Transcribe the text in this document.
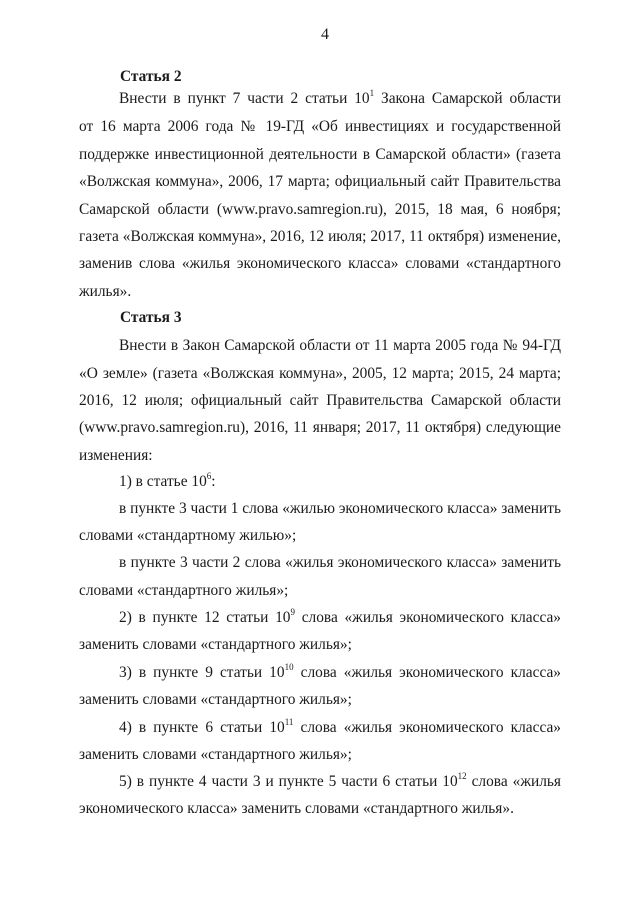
4
Статья 2
Внести в пункт 7 части 2 статьи $10^1$ Закона Самарской области
от 16 марта 2006 года № 19-ГД «Об инвестициях и государственной
поддержке инвестиционной деятельности в Самарской области» (газета
«Волжская коммуна», 2006, 17 марта; официальный сайт Правительства
Самарской области (www.pravo.samregion.ru), 2015, 18 мая, 6 ноября;
газета «Волжская коммуна», 2016, 12 июля; 2017, 11 октября) изменение,
заменив слова «жилья экономического класса» словами «стандартного
жилья».
Статья 3
Внести в Закон Самарской области от 11 марта 2005 года № 94-ГД
«О земле» (газета «Волжская коммуна», 2005, 12 марта; 2015, 24 марта;
2016, 12 июля; официальный сайт Правительства Самарской области
(www.pravo.samregion.ru), 2016, 11 января; 2017, 11 октября) следующие
изменения:
1) в статье $10^6$:
в пункте 3 части 1 слова «жилью экономического класса» заменить
словами «стандартному жилью»;
в пункте 3 части 2 слова «жилья экономического класса» заменить
словами «стандартного жилья»;
2) в пункте 12 статьи $10^9$ слова «жилья экономического класса»
заменить словами «стандартного жилья»;
3) в пункте 9 статьи $10^{10}$ слова «жилья экономического класса»
заменить словами «стандартного жилья»;
4) в пункте 6 статьи $10^{11}$ слова «жилья экономического класса»
заменить словами «стандартного жилья»;
5) в пункте 4 части 3 и пункте 5 части 6 статьи $10^{12}$ слова «жилья
экономического класса» заменить словами «стандартного жилья».
